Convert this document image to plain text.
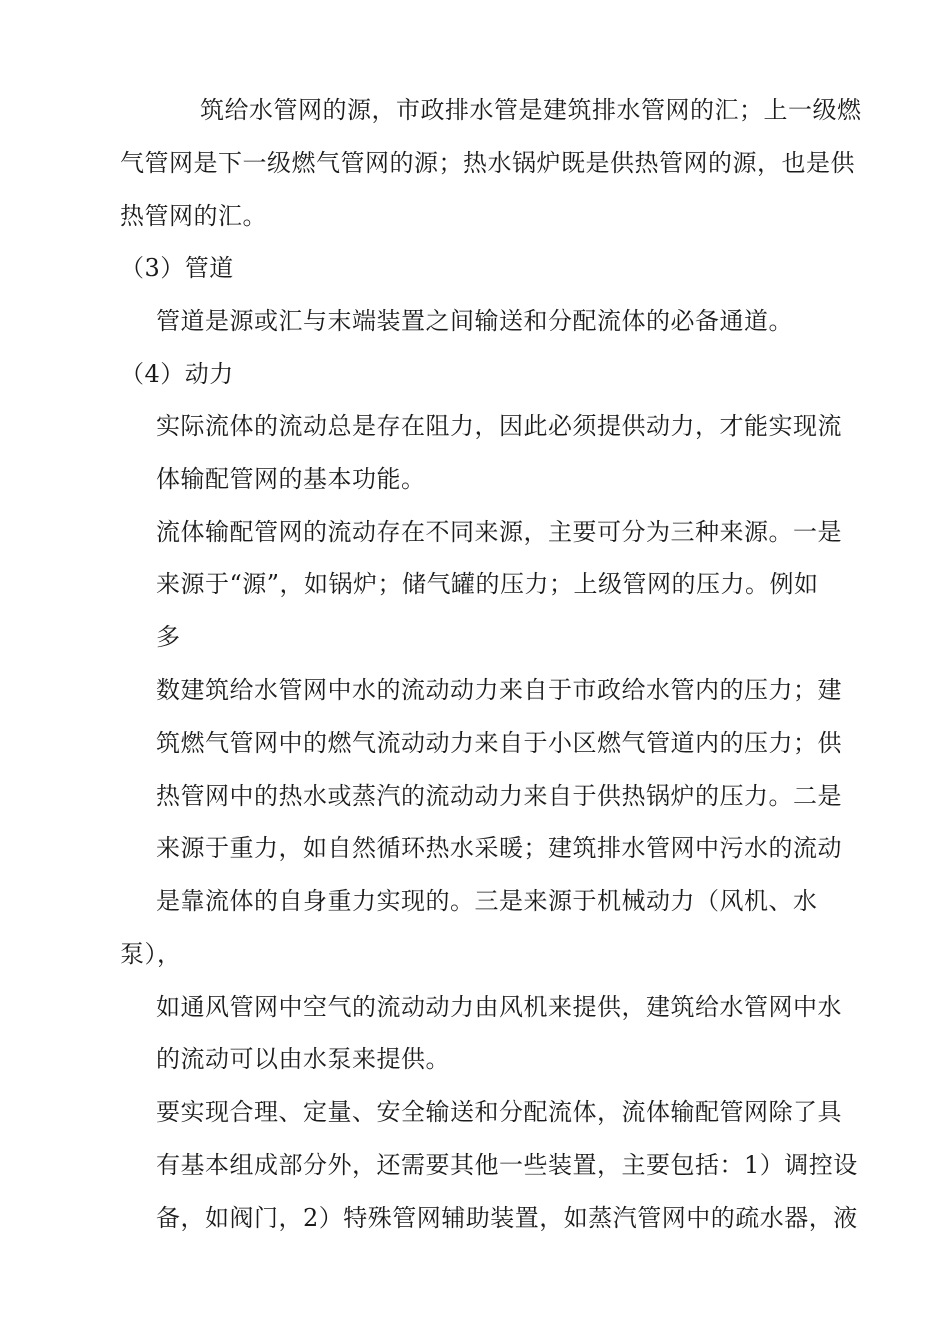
筑给水管网的源，市政排水管是建筑排水管网的汇；上一级燃
气管网是下一级燃气管网的源；热水锅炉既是供热管网的源，也是供
热管网的汇。
（3）管道
管道是源或汇与末端装置之间输送和分配流体的必备通道。
（4）动力
实际流体的流动总是存在阻力，因此必须提供动力，才能实现流
体输配管网的基本功能。
流体输配管网的流动存在不同来源，主要可分为三种来源。一是
来源于“源”，如锅炉；储气罐的压力；上级管网的压力。例如
多
数建筑给水管网中水的流动动力来自于市政给水管内的压力；建
筑燃气管网中的燃气流动动力来自于小区燃气管道内的压力；供
热管网中的热水或蒸汽的流动动力来自于供热锅炉的压力。二是
来源于重力，如自然循环热水采暖；建筑排水管网中污水的流动
是靠流体的自身重力实现的。三是来源于机械动力（风机、水
泵），
如通风管网中空气的流动动力由风机来提供，建筑给水管网中水
的流动可以由水泵来提供。
要实现合理、定量、安全输送和分配流体，流体输配管网除了具
有基本组成部分外，还需要其他一些装置，主要包括：1）调控设
备，如阀门，2）特殊管网辅助装置，如蒸汽管网中的疏水器，液
